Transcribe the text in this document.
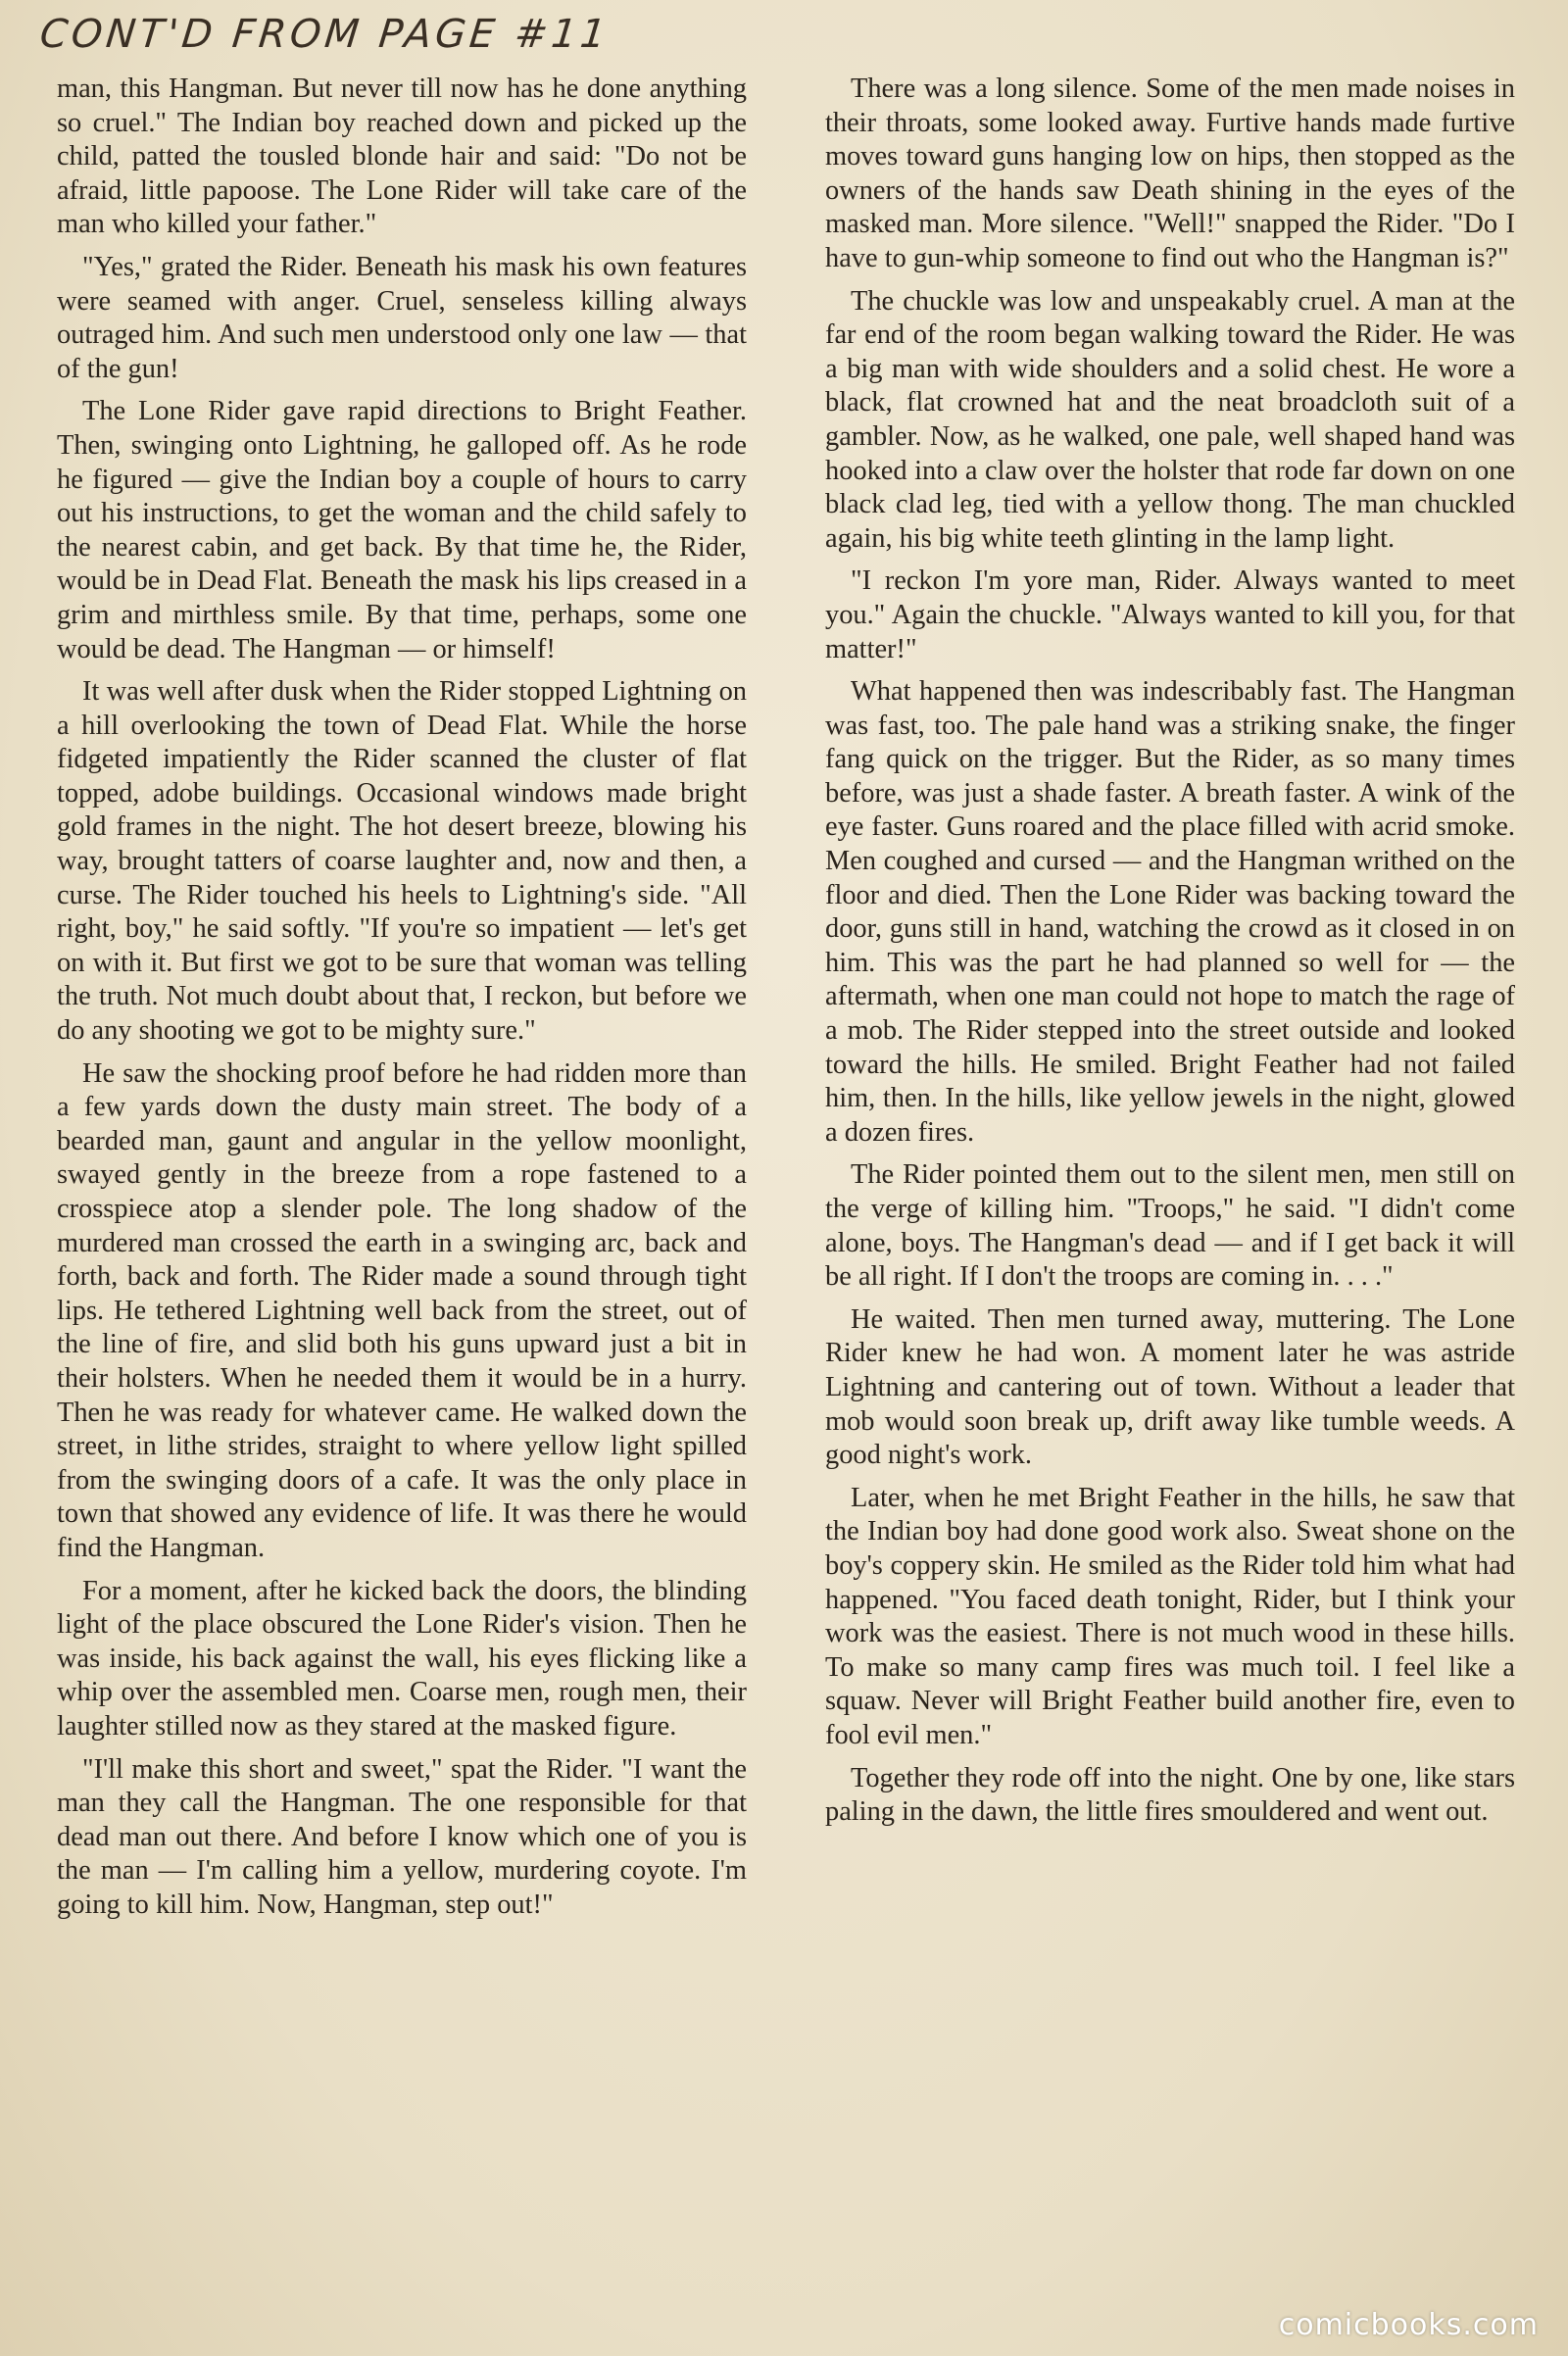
CONT'D FROM PAGE #11

man, this Hangman. But never till now has he done anything so cruel." The Indian boy reached down and picked up the child, patted the tousled blonde hair and said: "Do not be afraid, little papoose. The Lone Rider will take care of the man who killed your father."

"Yes," grated the Rider. Beneath his mask his own features were seamed with anger. Cruel, senseless killing always outraged him. And such men understood only one law — that of the gun!

The Lone Rider gave rapid directions to Bright Feather. Then, swinging onto Lightning, he galloped off. As he rode he figured — give the Indian boy a couple of hours to carry out his instructions, to get the woman and the child safely to the nearest cabin, and get back. By that time he, the Rider, would be in Dead Flat. Beneath the mask his lips creased in a grim and mirthless smile. By that time, perhaps, some one would be dead. The Hangman — or himself!

It was well after dusk when the Rider stopped Lightning on a hill overlooking the town of Dead Flat. While the horse fidgeted impatiently the Rider scanned the cluster of flat topped, adobe buildings. Occasional windows made bright gold frames in the night. The hot desert breeze, blowing his way, brought tatters of coarse laughter and, now and then, a curse. The Rider touched his heels to Lightning's side. "All right, boy," he said softly. "If you're so impatient — let's get on with it. But first we got to be sure that woman was telling the truth. Not much doubt about that, I reckon, but before we do any shooting we got to be mighty sure."

He saw the shocking proof before he had ridden more than a few yards down the dusty main street. The body of a bearded man, gaunt and angular in the yellow moonlight, swayed gently in the breeze from a rope fastened to a crosspiece atop a slender pole. The long shadow of the murdered man crossed the earth in a swinging arc, back and forth, back and forth. The Rider made a sound through tight lips. He tethered Lightning well back from the street, out of the line of fire, and slid both his guns upward just a bit in their holsters. When he needed them it would be in a hurry. Then he was ready for whatever came. He walked down the street, in lithe strides, straight to where yellow light spilled from the swinging doors of a cafe. It was the only place in town that showed any evidence of life. It was there he would find the Hangman.

For a moment, after he kicked back the doors, the blinding light of the place obscured the Lone Rider's vision. Then he was inside, his back against the wall, his eyes flicking like a whip over the assembled men. Coarse men, rough men, their laughter stilled now as they stared at the masked figure.

"I'll make this short and sweet," spat the Rider. "I want the man they call the Hangman. The one responsible for that dead man out there. And before I know which one of you is the man — I'm calling him a yellow, murdering coyote. I'm going to kill him. Now, Hangman, step out!"

There was a long silence. Some of the men made noises in their throats, some looked away. Furtive hands made furtive moves toward guns hanging low on hips, then stopped as the owners of the hands saw Death shining in the eyes of the masked man. More silence. "Well!" snapped the Rider. "Do I have to gun-whip someone to find out who the Hangman is?"

The chuckle was low and unspeakably cruel. A man at the far end of the room began walking toward the Rider. He was a big man with wide shoulders and a solid chest. He wore a black, flat crowned hat and the neat broadcloth suit of a gambler. Now, as he walked, one pale, well shaped hand was hooked into a claw over the holster that rode far down on one black clad leg, tied with a yellow thong. The man chuckled again, his big white teeth glinting in the lamp light.

"I reckon I'm yore man, Rider. Always wanted to meet you." Again the chuckle. "Always wanted to kill you, for that matter!"

What happened then was indescribably fast. The Hangman was fast, too. The pale hand was a striking snake, the finger fang quick on the trigger. But the Rider, as so many times before, was just a shade faster. A breath faster. A wink of the eye faster. Guns roared and the place filled with acrid smoke. Men coughed and cursed — and the Hangman writhed on the floor and died. Then the Lone Rider was backing toward the door, guns still in hand, watching the crowd as it closed in on him. This was the part he had planned so well for — the aftermath, when one man could not hope to match the rage of a mob. The Rider stepped into the street outside and looked toward the hills. He smiled. Bright Feather had not failed him, then. In the hills, like yellow jewels in the night, glowed a dozen fires.

The Rider pointed them out to the silent men, men still on the verge of killing him. "Troops," he said. "I didn't come alone, boys. The Hangman's dead — and if I get back it will be all right. If I don't the troops are coming in. . . ."

He waited. Then men turned away, muttering. The Lone Rider knew he had won. A moment later he was astride Lightning and cantering out of town. Without a leader that mob would soon break up, drift away like tumble weeds. A good night's work.

Later, when he met Bright Feather in the hills, he saw that the Indian boy had done good work also. Sweat shone on the boy's coppery skin. He smiled as the Rider told him what had happened. "You faced death tonight, Rider, but I think your work was the easiest. There is not much wood in these hills. To make so many camp fires was much toil. I feel like a squaw. Never will Bright Feather build another fire, even to fool evil men."

Together they rode off into the night. One by one, like stars paling in the dawn, the little fires smouldered and went out.

comicbooks.com
